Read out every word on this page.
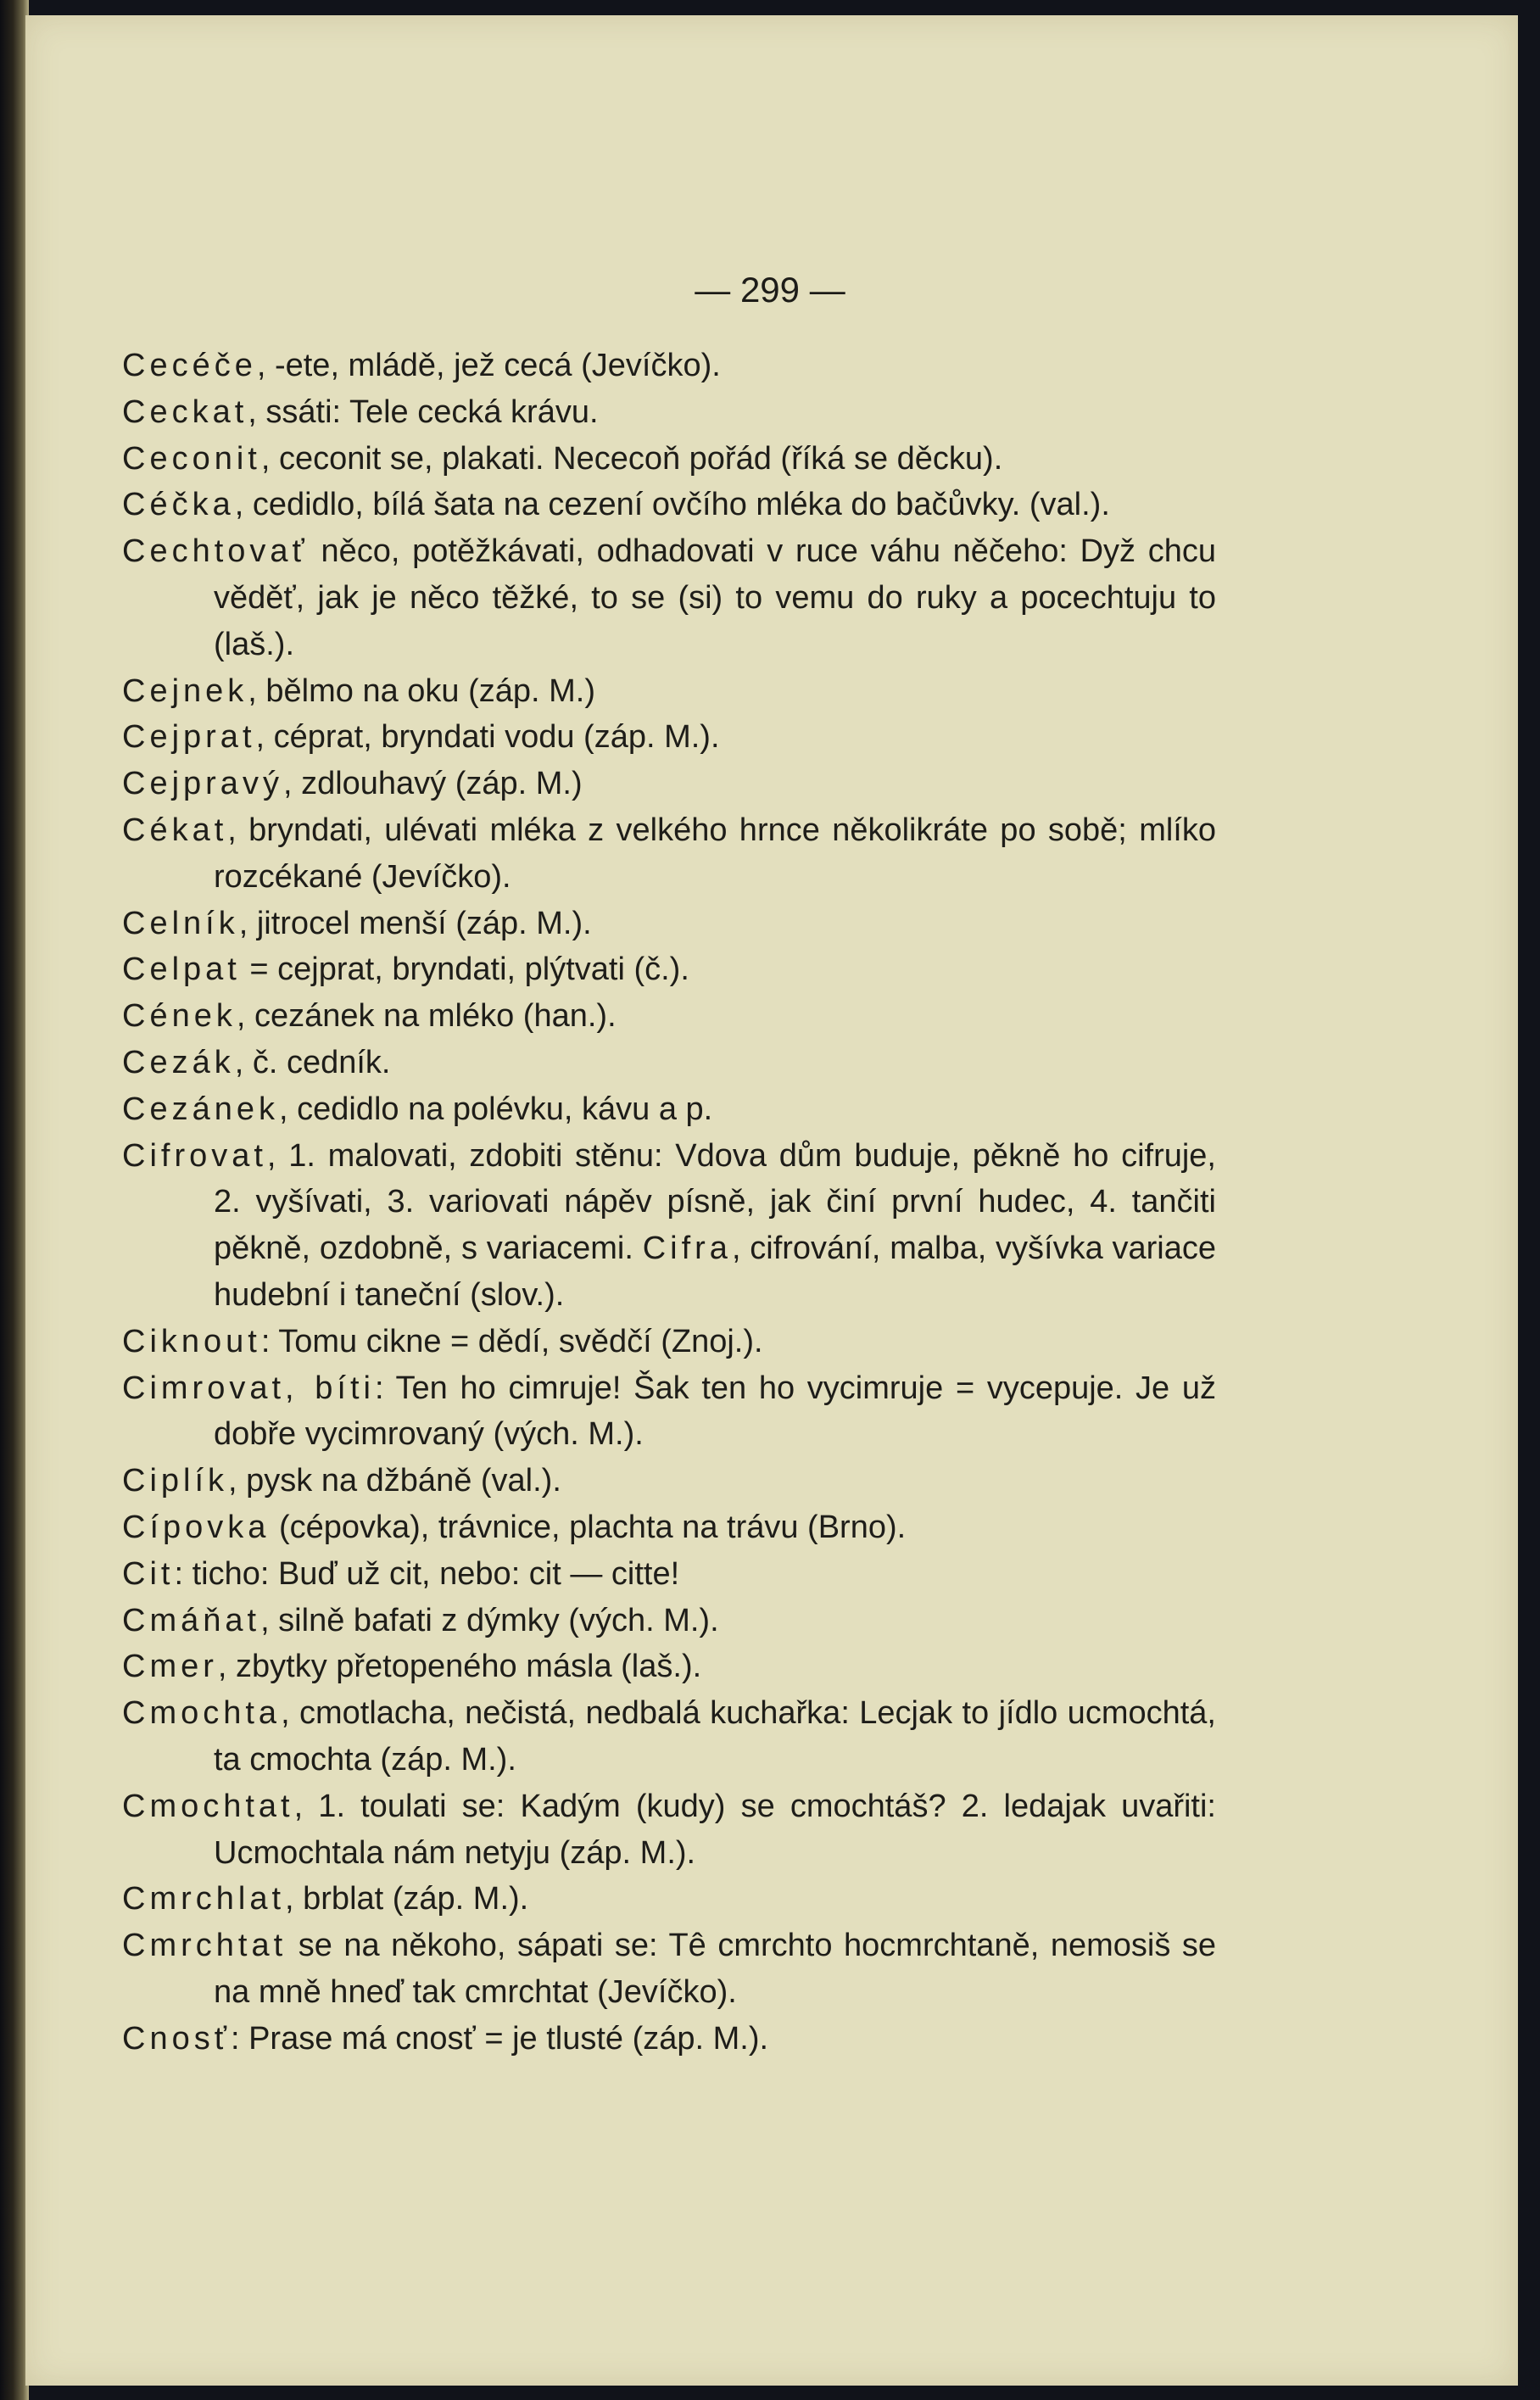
— 299 —
Cecéče, -ete, mládě, jež cecá (Jevíčko).
Ceckat, ssáti: Tele cecká krávu.
Ceconit, ceconit se, plakati. Nececoň pořád (říká se děcku).
Céčka, cedidlo, bílá šata na cezení ovčího mléka do bačůvky. (val.).
Cechtovať něco, potěžkávati, odhadovati v ruce váhu něčeho: Dyž chcu věděť, jak je něco těžké, to se (si) to vemu do ruky a pocechtuju to (laš.).
Cejnek, bělmo na oku (záp. M.)
Cejprat, céprat, bryndati vodu (záp. M.).
Cejpravý, zdlouhavý (záp. M.)
Cékat, bryndati, ulévati mléka z velkého hrnce několikráte po sobě; mlíko rozcékané (Jevíčko).
Celník, jitrocel menší (záp. M.).
Celpat = cejprat, bryndati, plýtvati (č.).
Cének, cezánek na mléko (han.).
Cezák, č. cedník.
Cezánek, cedidlo na polévku, kávu a p.
Cifrovat, 1. malovati, zdobiti stěnu: Vdova dům buduje, pěkně ho cifruje, 2. vyšívati, 3. variovati nápěv písně, jak činí první hudec, 4. tančiti pěkně, ozdobně, s variacemi. Cifra, cifrování, malba, vyšívka variace hudební i taneční (slov.).
Ciknout: Tomu cikne = dědí, svědčí (Znoj.).
Cimrovat, bíti: Ten ho cimruje! Šak ten ho vycimruje = vycepuje. Je už dobře vycimrovaný (vých. M.).
Ciplík, pysk na džbáně (val.).
Cípovka (cépovka), trávnice, plachta na trávu (Brno).
Cit: ticho: Buď už cit, nebo: cit — citte!
Cmáňat, silně bafati z dýmky (vých. M.).
Cmer, zbytky přetopeného másla (laš.).
Cmochta, cmotlacha, nečistá, nedbalá kuchařka: Lecjak to jídlo ucmochtá, ta cmochta (záp. M.).
Cmochtat, 1. toulati se: Kadým (kudy) se cmochtáš? 2. ledajak uvařiti: Ucmochtala nám netyju (záp. M.).
Cmrchlat, brblat (záp. M.).
Cmrchtat se na někoho, sápati se: Tê cmrchto hocmrchtaně, nemosiš se na mně hneď tak cmrchtat (Jevíčko).
Cnosť: Prase má cnosť = je tlusté (záp. M.).
